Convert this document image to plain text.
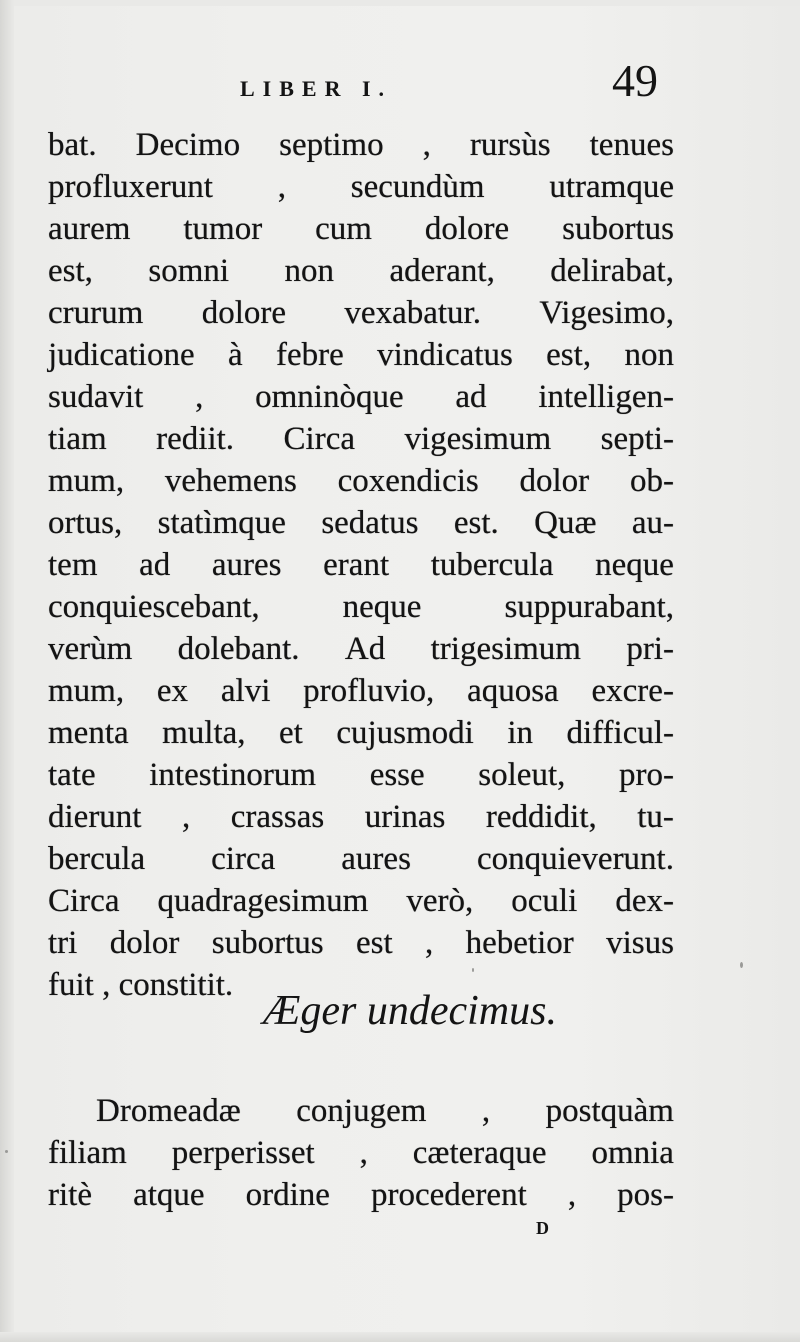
LIBER I.	49
bat. Decimo septimo , rursùs tenues
profluxerunt , secundùm utramque
aurem tumor cum dolore subortus
est, somni non aderant, delirabat,
crurum dolore vexabatur. Vigesimo,
judicatione à febre vindicatus est, non
sudavit , omninòque ad intelligen-
tiam rediit. Circa vigesimum septi-
mum, vehemens coxendicis dolor ob-
ortus, statìmque sedatus est. Quæ au-
tem ad aures erant tubercula neque
conquiescebant,	neque	suppurabant,
verùm dolebant. Ad trigesimum pri-
mum, ex alvi profluvio, aquosa excre-
menta multa, et cujusmodi in difficul-
tate intestinorum esse soleut, pro-
dierunt , crassas urinas reddidit, tu-
bercula circa aures conquieverunt.
Circa quadragesimum verò, oculi dex-
tri dolor subortus est , hebetior visus
fuit , constitit.
Æger undecimus.
Dromeadæ conjugem , postquàm
filiam perperisset , cæteraque omnia
ritè atque ordine procederent , pos-
D
